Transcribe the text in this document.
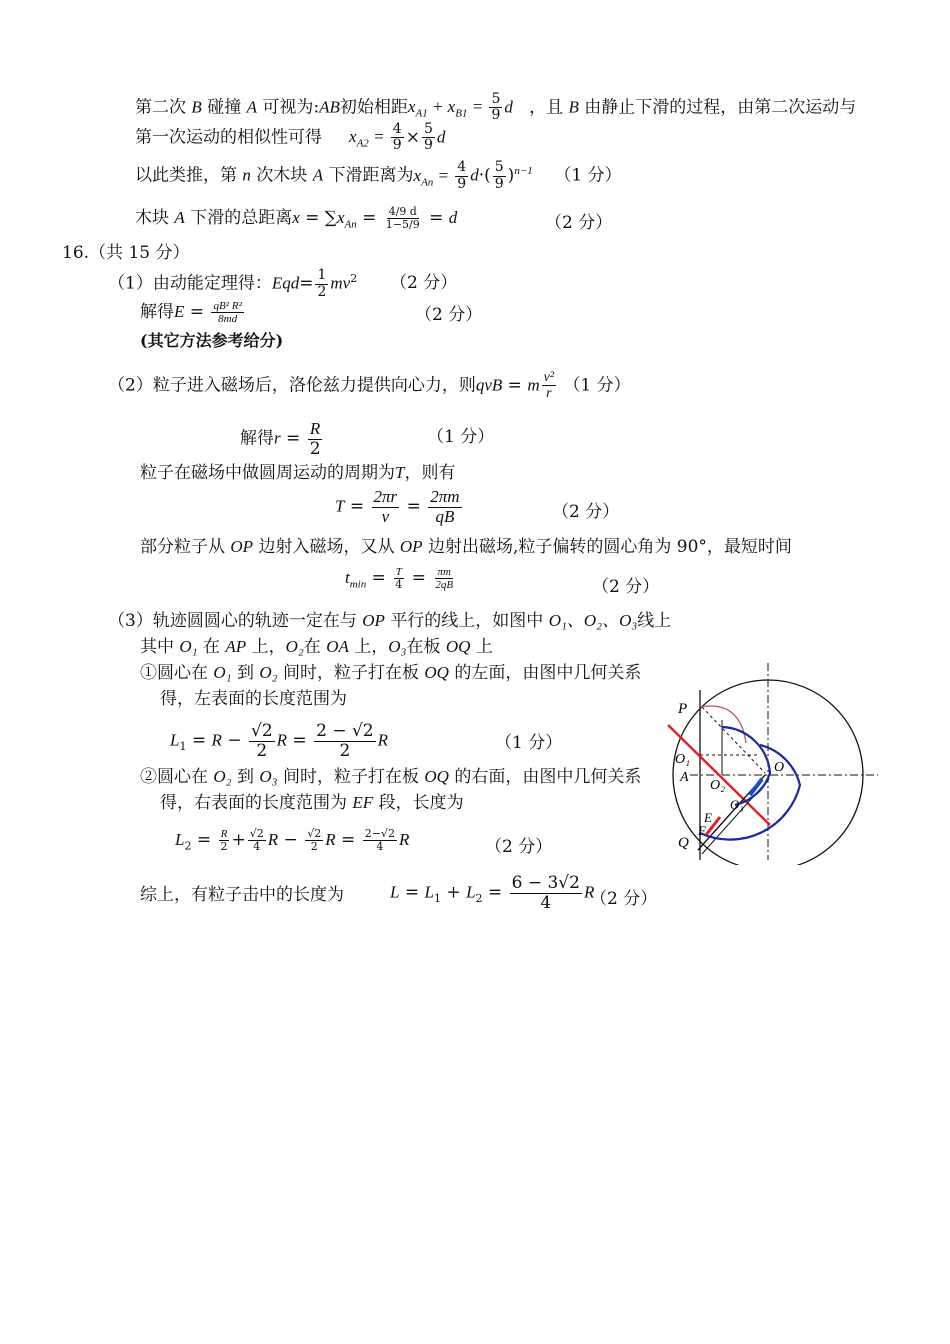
第二次 B 碰撞 A 可视为:AB初始相距$x_{A1} + x_{B1} = \frac{5}{9}$ d ，且 B 由静止下滑的过程，由第二次运动与
第一次运动的相似性可得 $x_{A2} = \frac{4}{9} \times \frac{5}{9}$ d
以此类推，第 n 次木块 A 下滑距离为$x_{An} = \frac{4}{9} d\cdot( \frac{5}{9} )^{n-1}$ （1 分）
木块 A 下滑的总距离$x = \sum x_{An} = \frac{4/9 d}{1-5/9} = d$	（2 分）
16.（共 15 分）
（1）由动能定理得：$Eqd= \frac{1}{2} mv^2$ （2 分）
解得$E = \frac{\text{qB² R²}}{8md}$	（2 分）
(其它方法参考给分)
（2）粒子进入磁场后，洛伦兹力提供向心力，则qvB = m $\frac{\text{v²}}{r} (1$ 分）
解得$r = \frac{R}{2}$	（1 分）
粒子在磁场中做圆周运动的周期为T，则有
$T = \frac{2\pi r}{v} = \frac{2\pi m}{qB}$	（2 分）
部分粒子从 OP 边射入磁场，又从 OP 边射出磁场,粒子偏转的圆心角为 90°，最短时间
$t_{min} = \frac{T}{4} = \frac{\pi m}{2qB}$	（2 分）
（3）轨迹圆圆心的轨迹一定在与 OP 平行的线上，如图中 O₁、O₂、O₃线上
其中 O₁ 在 AP 上，O₂在 OA 上，O₃在板 OQ 上
①圆心在 O₁ 到 O₂ 间时，粒子打在板 OQ 的左面，由图中几何关系
得，左表面的长度范围为
$L_1 = R - \frac{√2}{2}$ $R = \frac{2 - √2}{2}$ R	（1 分）
②圆心在 O₂ 到 O₃ 间时，粒子打在板 OQ 的右面，由图中几何关系
得，右表面的长度范围为 EF 段，长度为
$L_2 = \frac{R}{2} + \frac{√2}{4}$ $R - \frac{√2}{2}$ $R = \frac{2-√2}{4}$ R	（2 分）
综上，有粒子击中的长度为	$L = L_1 + L_2 = \frac{6 - 3√2}{4}$ R
（2 分）
P
O₁
A
O₂
O
O₃
E
F
Q
